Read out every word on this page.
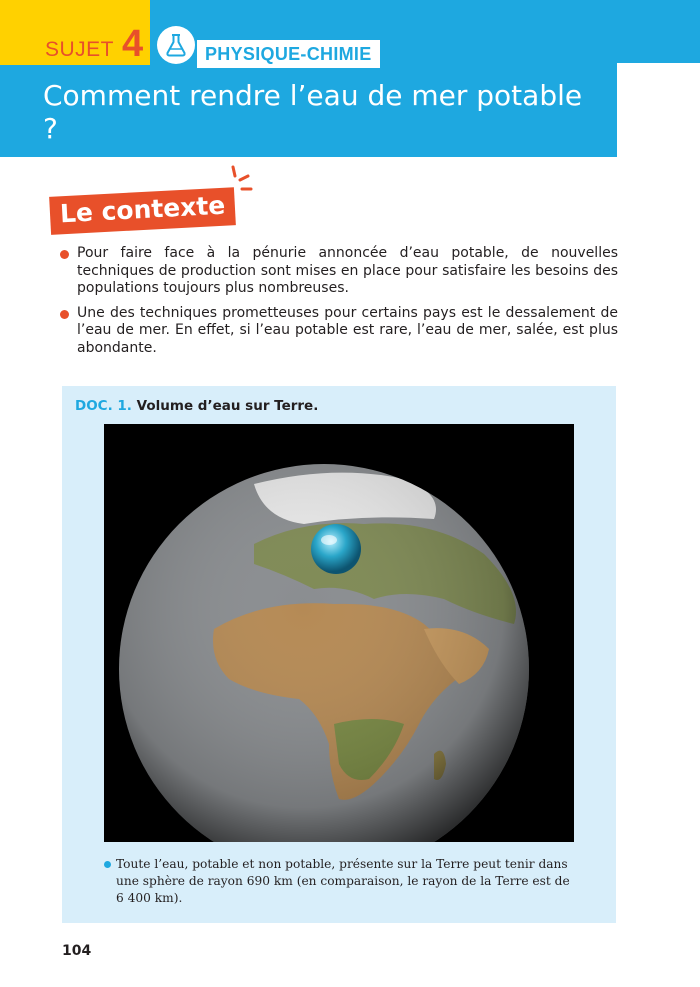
SUJET 4	PHYSIQUE-CHIMIE
Comment rendre l’eau de mer potable ?
Le contexte
Pour faire face à la pénurie annoncée d’eau potable, de nouvelles techniques de production sont mises en place pour satisfaire les besoins des populations toujours plus nombreuses.
Une des techniques prometteuses pour certains pays est le dessalement de l’eau de mer. En effet, si l’eau potable est rare, l’eau de mer, salée, est plus abondante.
DOC. 1. Volume d’eau sur Terre.
Toute l’eau, potable et non potable, présente sur la Terre peut tenir dans une sphère de rayon 690 km (en comparaison, le rayon de la Terre est de 6 400 km).
104
